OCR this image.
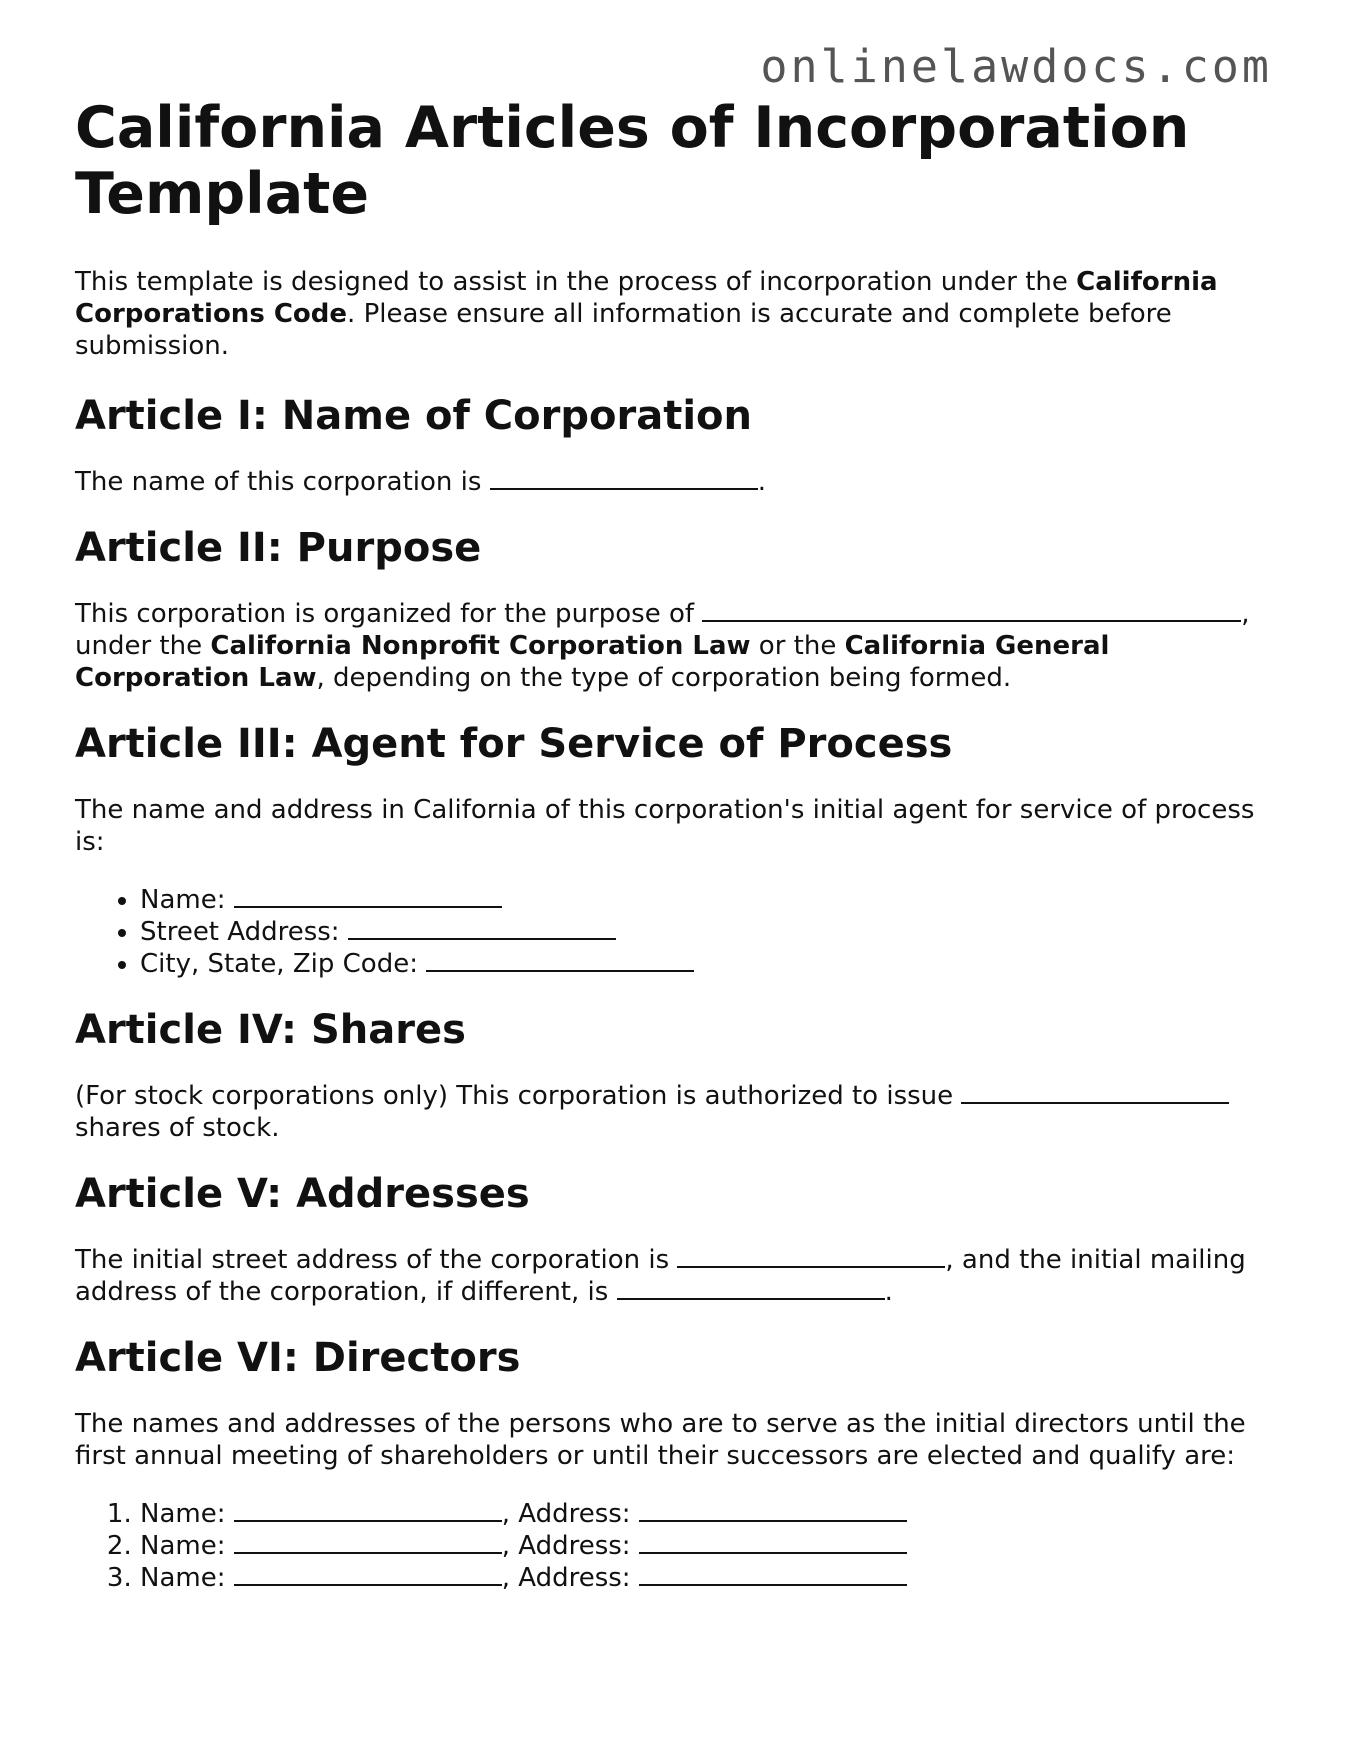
onlinelawdocs.com
California Articles of Incorporation Template

This template is designed to assist in the process of incorporation under the California Corporations Code. Please ensure all information is accurate and complete before submission.

Article I: Name of Corporation

The name of this corporation is	.

Article II: Purpose

This corporation is organized for the purpose of	, under the California Nonprofit Corporation Law or the California General Corporation Law, depending on the type of corporation being formed.

Article III: Agent for Service of Process

The name and address in California of this corporation's initial agent for service of process is:

• Name:
• Street Address:
• City, State, Zip Code:
Article IV: Shares

(For stock corporations only) This corporation is authorized to issue  shares of stock.

Article V: Addresses

The initial street address of the corporation is	, and the initial mailing address of the corporation, if different, is	.

Article VI: Directors

The names and addresses of the persons who are to serve as the initial directors until the first annual meeting of shareholders or until their successors are elected and qualify are:

1. Name:	, Address:
2. Name:	, Address:
3. Name:	, Address:
